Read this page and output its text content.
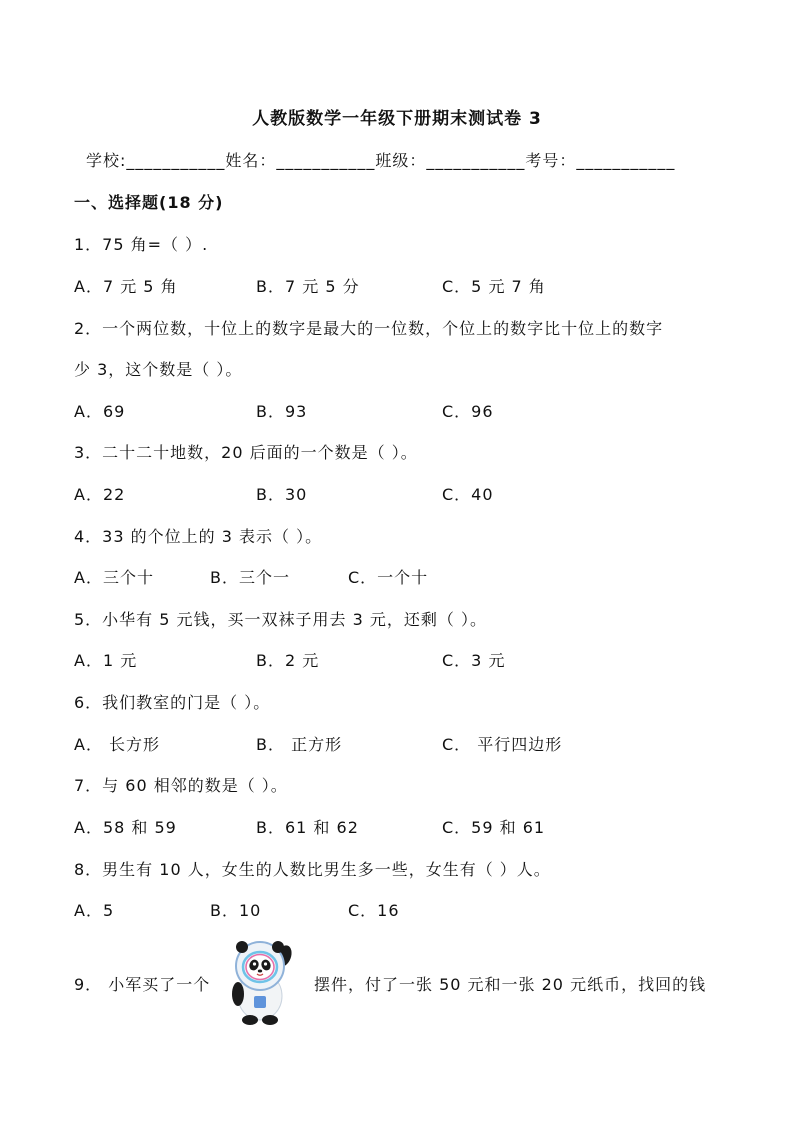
人教版数学一年级下册期末测试卷 3
学校:___________姓名：___________班级：___________考号：___________
一、选择题(18 分)
1．75 角=（ ）.
A．7 元 5 角	B．7 元 5 分	C．5 元 7 角
2．一个两位数，十位上的数字是最大的一位数，个位上的数字比十位上的数字
少 3，这个数是（ ）。
A．69	B．93	C．96
3．二十二十地数，20 后面的一个数是（ ）。
A．22	B．30	C．40
4．33 的个位上的 3 表示（ ）。
A．三个十	B．三个一	C．一个十
5．小华有 5 元钱，买一双袜子用去 3 元，还剩（ ）。
A．1 元	B．2 元	C．3 元
6．我们教室的门是（ ）。
A． 长方形	B． 正方形	C． 平行四边形
7．与 60 相邻的数是（ ）。
A．58 和 59	B．61 和 62	C．59 和 61
8．男生有 10 人，女生的人数比男生多一些，女生有（ ）人。
A．5	B．10	C．16
9． 小军买了一个	摆件，付了一张 50 元和一张 20 元纸币，找回的钱
